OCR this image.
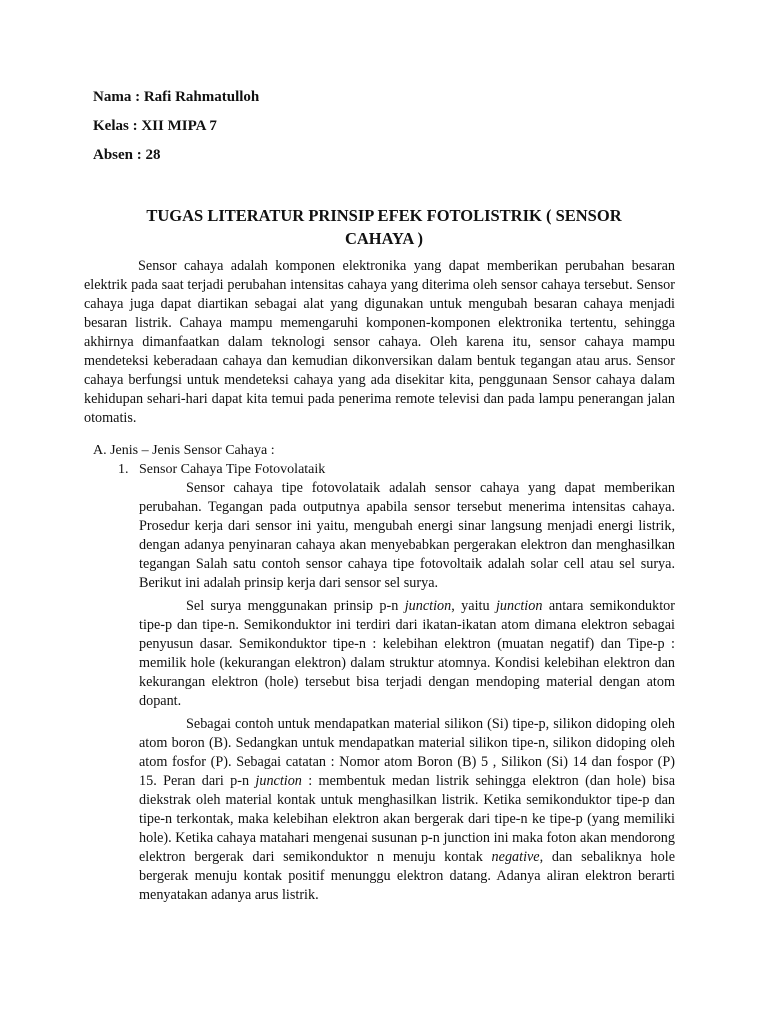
Nama : Rafi Rahmatulloh
Kelas : XII MIPA 7
Absen : 28
TUGAS LITERATUR PRINSIP EFEK FOTOLISTRIK ( SENSOR CAHAYA )

Sensor cahaya adalah komponen elektronika yang dapat memberikan perubahan besaran elektrik pada saat terjadi perubahan intensitas cahaya yang diterima oleh sensor cahaya tersebut. Sensor cahaya juga dapat diartikan sebagai alat yang digunakan untuk mengubah besaran cahaya menjadi besaran listrik. Cahaya mampu memengaruhi komponen-komponen elektronika tertentu, sehingga akhirnya dimanfaatkan dalam teknologi sensor cahaya. Oleh karena itu, sensor cahaya mampu mendeteksi keberadaan cahaya dan kemudian dikonversikan dalam bentuk tegangan atau arus. Sensor cahaya berfungsi untuk mendeteksi cahaya yang ada disekitar kita, penggunaan Sensor cahaya dalam kehidupan sehari-hari dapat kita temui pada penerima remote televisi dan pada lampu penerangan jalan otomatis.

A. Jenis – Jenis Sensor Cahaya :
1. Sensor Cahaya Tipe Fotovolataik

Sensor cahaya tipe fotovolataik adalah sensor cahaya yang dapat memberikan perubahan. Tegangan pada outputnya apabila sensor tersebut menerima intensitas cahaya. Prosedur kerja dari sensor ini yaitu, mengubah energi sinar langsung menjadi energi listrik, dengan adanya penyinaran cahaya akan menyebabkan pergerakan elektron dan menghasilkan tegangan Salah satu contoh sensor cahaya tipe fotovoltaik adalah solar cell atau sel surya. Berikut ini adalah prinsip kerja dari sensor sel surya.

Sel surya menggunakan prinsip p-n junction, yaitu junction antara semikonduktor tipe-p dan tipe-n. Semikonduktor ini terdiri dari ikatan-ikatan atom dimana elektron sebagai penyusun dasar. Semikonduktor tipe-n : kelebihan elektron (muatan negatif) dan Tipe-p : memilik hole (kekurangan elektron) dalam struktur atomnya. Kondisi kelebihan elektron dan kekurangan elektron (hole) tersebut bisa terjadi dengan mendoping material dengan atom dopant.

Sebagai contoh untuk mendapatkan material silikon (Si) tipe-p, silikon didoping oleh atom boron (B). Sedangkan untuk mendapatkan material silikon tipe-n, silikon didoping oleh atom fosfor (P). Sebagai catatan : Nomor atom Boron (B) 5 , Silikon (Si) 14 dan fospor (P) 15. Peran dari p-n junction : membentuk medan listrik sehingga elektron (dan hole) bisa diekstrak oleh material kontak untuk menghasilkan listrik. Ketika semikonduktor tipe-p dan tipe-n terkontak, maka kelebihan elektron akan bergerak dari tipe-n ke tipe-p (yang memiliki hole). Ketika cahaya matahari mengenai susunan p-n junction ini maka foton akan mendorong elektron bergerak dari semikonduktor n menuju kontak negative, dan sebaliknya hole bergerak menuju kontak positif menunggu elektron datang. Adanya aliran elektron berarti menyatakan adanya arus listrik.
